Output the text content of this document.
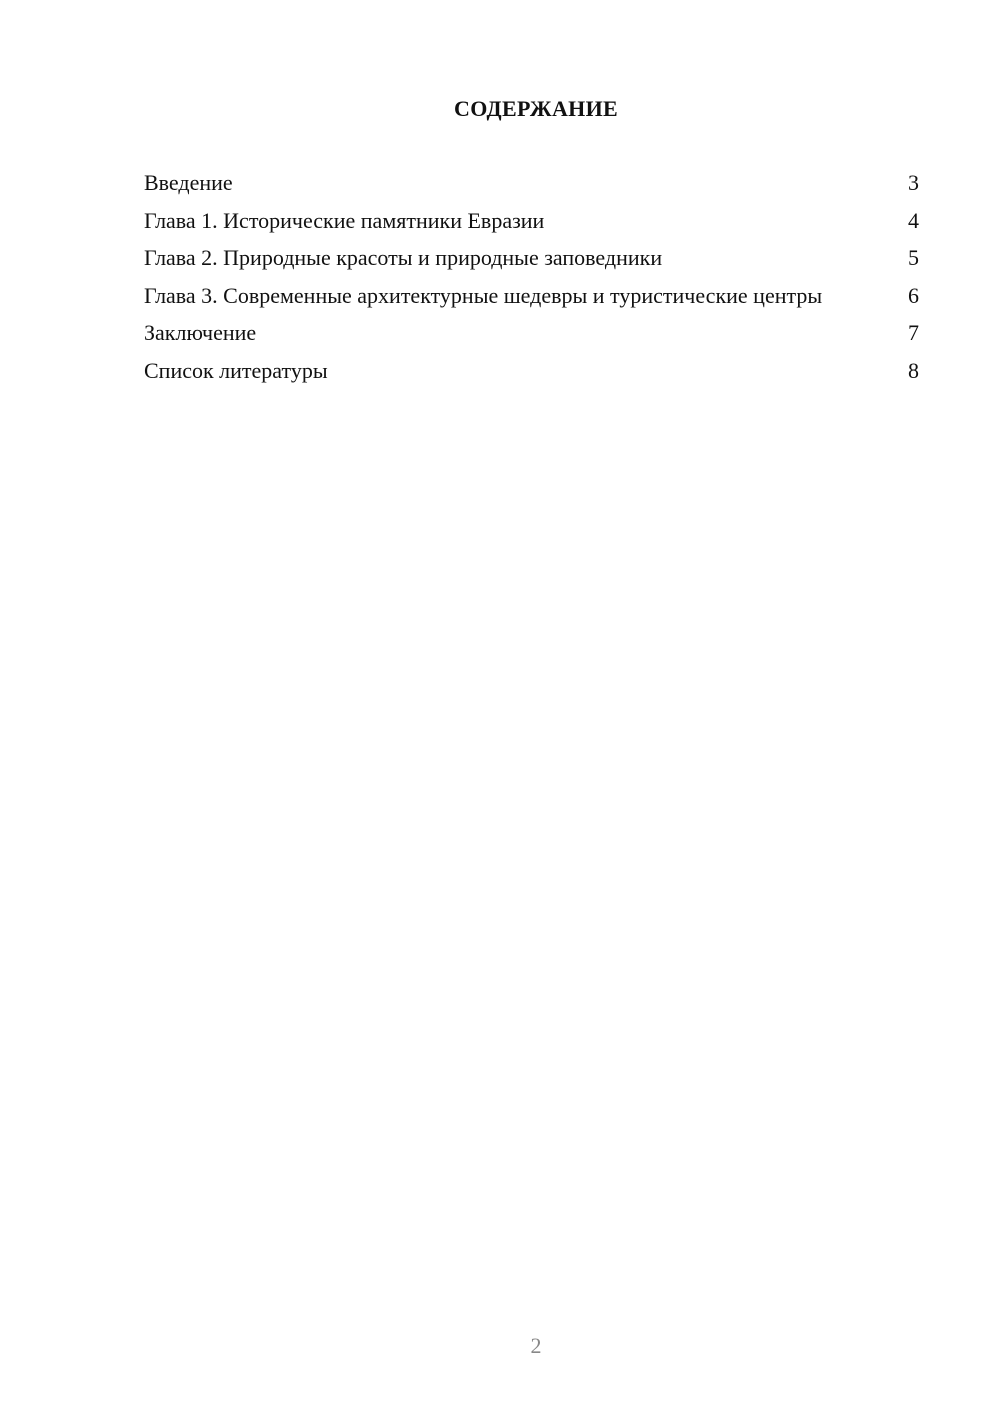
СОДЕРЖАНИЕ
Введение	3
Глава 1. Исторические памятники Евразии	4
Глава 2. Природные красоты и природные заповедники	5
Глава 3. Современные архитектурные шедевры и туристические центры	6
Заключение	7
Список литературы	8
2
